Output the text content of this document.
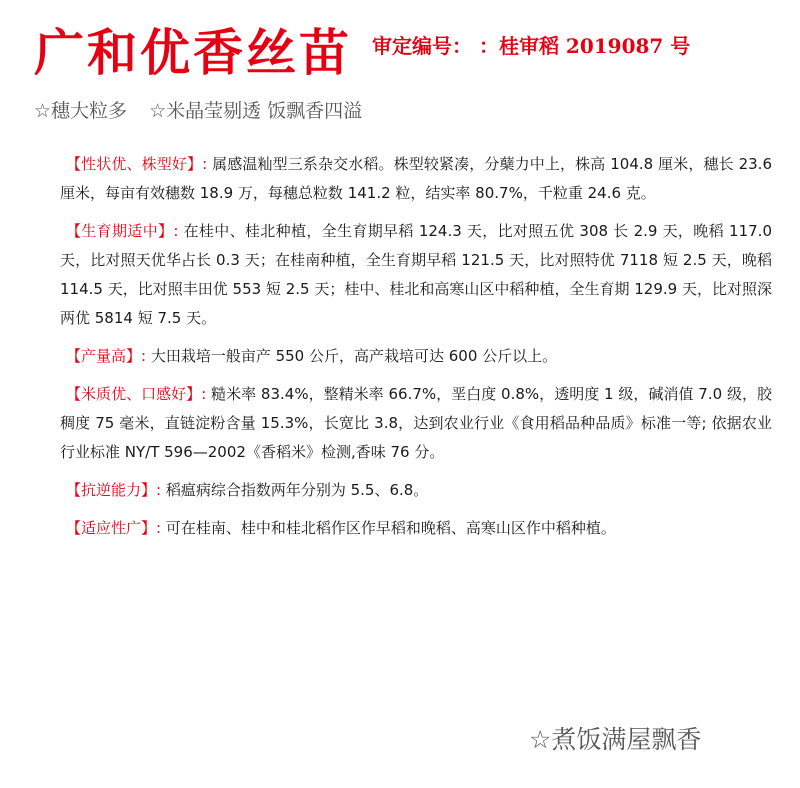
广和优香丝苗 审定编号： ：桂审稻 2019087 号
☆穗大粒多 ☆米晶莹剔透 饭飘香四溢

【性状优、株型好】: 属感温籼型三系杂交水稻。株型较紧凑，分蘖力中上，株高 104.8 厘米，穗长 23.6 厘米，每亩有效穗数 18.9 万，每穗总粒数 141.2 粒，结实率 80.7%，千粒重 24.6 克。

【生育期适中】: 在桂中、桂北种植，全生育期早稻 124.3 天，比对照五优 308 长 2.9 天，晚稻 117.0 天，比对照天优华占长 0.3 天；在桂南种植，全生育期早稻 121.5 天，比对照特优 7118 短 2.5 天，晚稻 114.5 天，比对照丰田优 553 短 2.5 天；桂中、桂北和高寒山区中稻种植，全生育期 129.9 天，比对照深两优 5814 短 7.5 天。

【产量高】: 大田栽培一般亩产 550 公斤，高产栽培可达 600 公斤以上。

【米质优、口感好】: 糙米率 83.4%，整精米率 66.7%，垩白度 0.8%，透明度 1 级，碱消值 7.0 级，胶稠度 75 毫米，直链淀粉含量 15.3%，长宽比 3.8，达到农业行业《食用稻品种品质》标准一等; 依据农业行业标准 NY/T 596—2002《香稻米》检测,香味 76 分。

【抗逆能力】: 稻瘟病综合指数两年分别为 5.5、6.8。

【适应性广】: 可在桂南、桂中和桂北稻作区作早稻和晚稻、高寒山区作中稻种植。

☆煮饭满屋飘香
